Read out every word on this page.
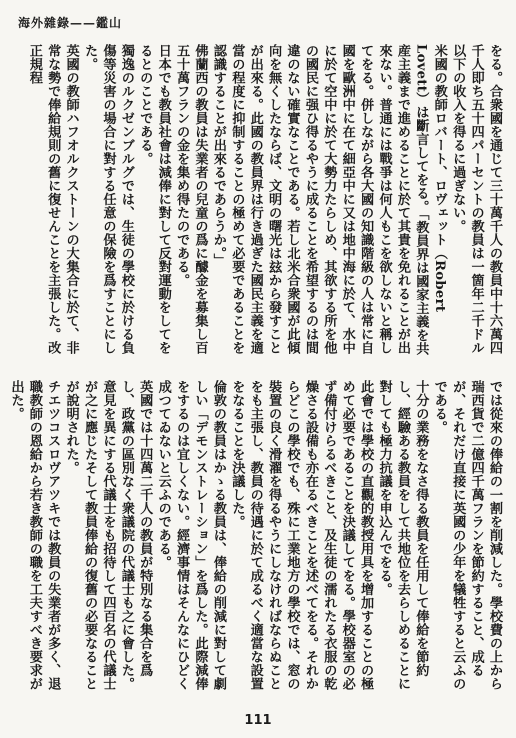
海外雜錄——鑑山

をる。合衆國を通じて三十萬千人の教員中十六萬四千人即ち五十四パーセントの教員は一箇年二千ドル以下の收入を得るに過ぎない。

米國の教師ロバート、ロヴェット（Robert Lovett）は斷言してをる。「教員界は國家主義を共産主義まで進めることに於て其貴を免れることが出來ない。普通には戰爭は何人もこを欲しないと稱してをる。併しながら各大國の知識階級の人は常に自國を歐洲中に在て細亞中に又は地中海に於て、水中に於て空中に於て大勢力たらしめ、其欲する所を他の國民に强ひ得るやうに成ることを希望するのは間違のない確實なことである。若し北米合衆國が此傾向を無くしたならば、文明の曙光は玆から發すことが出來る。此國の教員界は行き過ぎた國民主義を適當の程度に抑制することの極めて必要であることを認識することが出來るであらうか。」

佛蘭西の教員は失業者の兒童の爲に醵金を募集し百五十萬フランの金を集め得たのである。

日本でも教員社會は減俸に對して反對運動をしてをるとのことである。

獨逸のルクゼンブルグでは、生徒の學校に於ける負傷等災害の場合に對する任意の保險を爲すことにした。

英國の教師ハフオルクストーンの大集合に於て、非常な勢で俸給規則の舊に復せんことを主張した。改正規程

では從來の俸給の一割を削減した。學校費の上から瑞西貨で二億四千萬フランを節約すること、成るが、それだけ直接に英國の少年を犠牲すると云ふのである。

十分の業務をなさ得る教員を任用して俸給を節約し、經驗ある教員をして共地位を去らしめることに對しても極力抗議を申込んでをる。

此會では學校の直觀的教授用具を增加することの極めて必要であることを決議してをる。學校器室の必ず備付けらるべきこと、及生徒の濡れたる衣服の乾燥さる設備も亦在るべきことを述べてをる。それからどこの學校でも、殊に工業地方の學校では、窓の裝置の良く滑濯を得るやうにしなければならぬことをも主張し、教員の待遇に於て成るべく適當な設置をなることを決議した。

倫敦の教員はかゝる教員は、俸給の削減に對して劇しい「デモンストレーション」を爲した。此際減俸をするのは宜しくない。經濟事情はそんなにひどく成つてゐないと云ふのである。

英國では十四萬二千人の教員が特別なる集合を爲し、政黨の區別なく衆議院の代議士も之に會した。意見を異にする代議士をも招待して四百名の代議士が之に應じたそして教員俸給の復舊の必要なることが說明された。

チエツコスロヴアツキでは教員の失業者が多く、退職教師の恩給から若き教師の職を工夫すべき要求が出た。

111
